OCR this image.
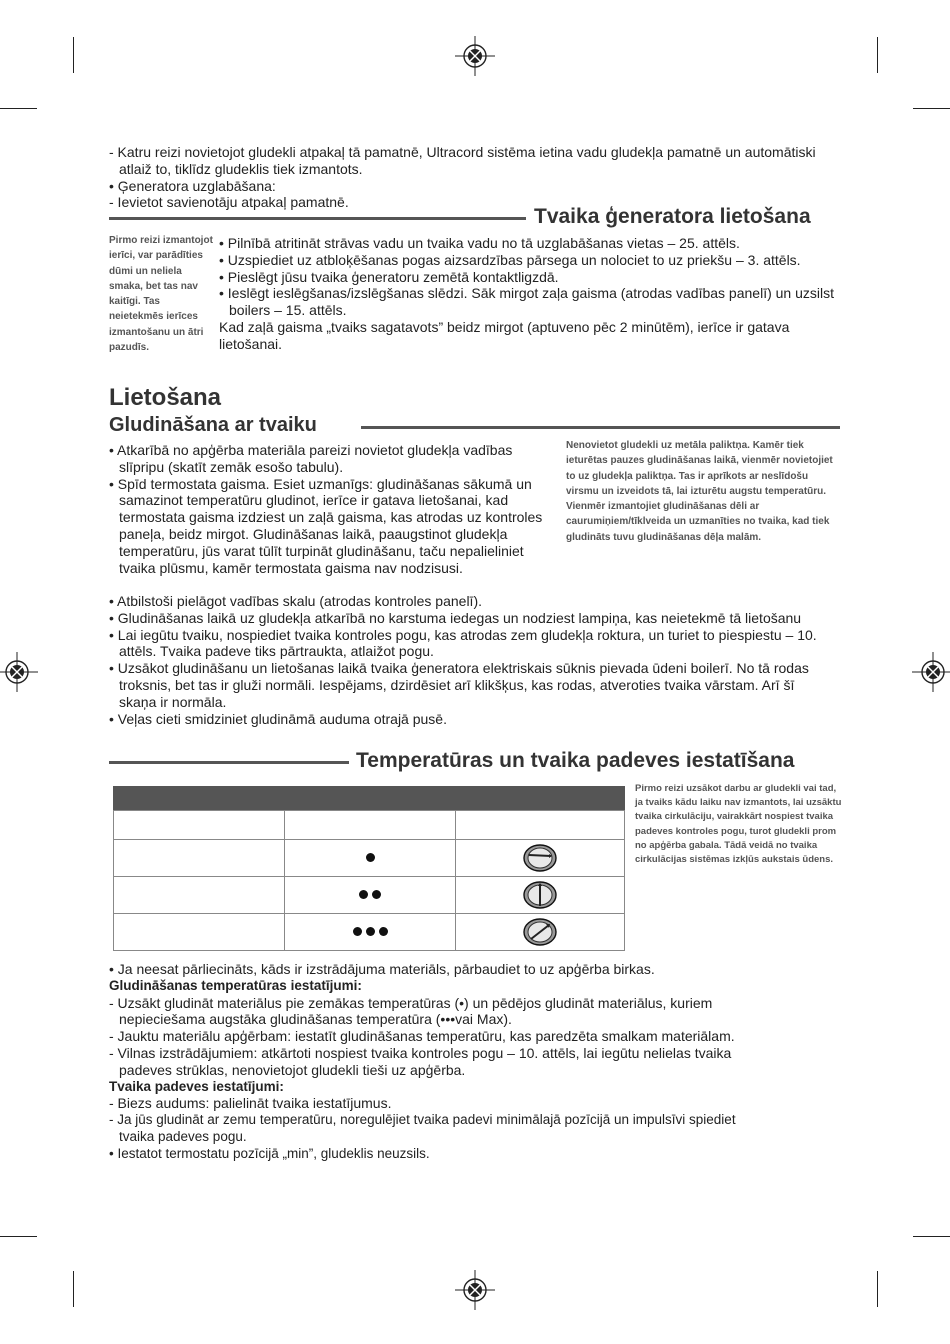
- Katru reizi novietojot gludekli atpakaļ tā pamatnē, Ultracord sistēma ietina vadu gludekļa pamatnē un automātiski atlaiž to, tiklīdz gludeklis tiek izmantots.
• Ģeneratora uzglabāšana:
- Ievietot savienotāju atpakaļ pamatnē.
Tvaika ģeneratora lietošana
Pirmo reizi izmantojot ierīci, var parādīties dūmi un neliela smaka, bet tas nav kaitīgi. Tas neietekmēs ierīces izmantošanu un ātri pazudīs.
• Pilnībā atritināt strāvas vadu un tvaika vadu no tā uzglabāšanas vietas – 25. attēls.
• Uzspiediet uz atbloķēšanas pogas aizsardzības pārsega un nolociet to uz priekšu – 3. attēls.
• Pieslēgt jūsu tvaika ģeneratoru zemētā kontaktligzdā.
• Ieslēgt ieslēgšanas/izslēgšanas slēdzi. Sāk mirgot zaļa gaisma (atrodas vadības panelī) un uzsilst boilers – 15. attēls.
Kad zaļā gaisma „tvaiks sagatavots” beidz mirgot (aptuveno pēc 2 minūtēm), ierīce ir gatava lietošanai.
Lietošana
Gludināšana ar tvaiku
Nenovietot gludekli uz metāla paliktņa. Kamēr tiek ieturētas pauzes gludināšanas laikā, vienmēr novietojiet to uz gludekļa paliktņa. Tas ir aprīkots ar neslīdošu virsmu un izveidots tā, lai izturētu augstu temperatūru. Vienmēr izmantojiet gludināšanas dēli ar caurumiņiem/tīklveida un uzmanīties no tvaika, kad tiek gludināts tuvu gludināšanas dēļa malām.
• Atkarībā no apģērba materiāla pareizi novietot gludekļa vadības slīpripu (skatīt zemāk esošo tabulu).
• Spīd termostata gaisma. Esiet uzmanīgs: gludināšanas sākumā un samazinot temperatūru gludinot, ierīce ir gatava lietošanai, kad termostata gaisma izdziest un zaļā gaisma, kas atrodas uz kontroles paneļa, beidz mirgot. Gludināšanas laikā, paaugstinot gludekļa temperatūru, jūs varat tūlīt turpināt gludināšanu, taču nepalieliniet tvaika plūsmu, kamēr termostata gaisma nav nodzisusi.
• Atbilstoši pielāgot vadības skalu (atrodas kontroles panelī).
• Gludināšanas laikā uz gludekļa atkarībā no karstuma iedegas un nodziest lampiņa, kas neietekmē tā lietošanu
• Lai iegūtu tvaiku, nospiediet tvaika kontroles pogu, kas atrodas zem gludekļa roktura, un turiet to piespiestu – 10. attēls. Tvaika padeve tiks pārtraukta, atlaižot pogu.
• Uzsākot gludināšanu un lietošanas laikā tvaika ģeneratora elektriskais sūknis pievada ūdeni boilerī. No tā rodas troksnis, bet tas ir gluži normāli. Iespējams, dzirdēsiet arī klikšķus, kas rodas, atveroties tvaika vārstam. Arī šī skaņa ir normāla.
• Veļas cieti smidziniet gludināmā auduma otrajā pusē.
Temperatūras un tvaika padeves iestatīšana
Pirmo reizi uzsākot darbu ar gludekli vai tad, ja tvaiks kādu laiku nav izmantots, lai uzsāktu tvaika cirkulāciju, vairakkārt nospiest tvaika padeves kontroles pogu, turot gludekli prom no apģērba gabala. Tādā veidā no tvaika cirkulācijas sistēmas izkļūs aukstais ūdens.

• Ja neesat pārliecināts, kāds ir izstrādājuma materiāls, pārbaudiet to uz apģērba birkas.
Gludināšanas temperatūras iestatījumi:
- Uzsākt gludināt materiālus pie zemākas temperatūras (•) un pēdējos gludināt materiālus, kuriem nepieciešama augstāka gludināšanas temperatūra (•••vai Max).
- Jauktu materiālu apģērbam: iestatīt gludināšanas temperatūru, kas paredzēta smalkam materiālam.
- Vilnas izstrādājumiem: atkārtoti nospiest tvaika kontroles pogu – 10. attēls, lai iegūtu nelielas tvaika padeves strūklas, nenovietojot gludekli tieši uz apģērba.
Tvaika padeves iestatījumi:
- Biezs audums: palielināt tvaika iestatījumus.
- Ja jūs gludināt ar zemu temperatūru, noregulējiet tvaika padevi minimālajā pozīcijā un impulsīvi spiediet tvaika padeves pogu.
• Iestatot termostatu pozīcijā „min”, gludeklis neuzsils.
